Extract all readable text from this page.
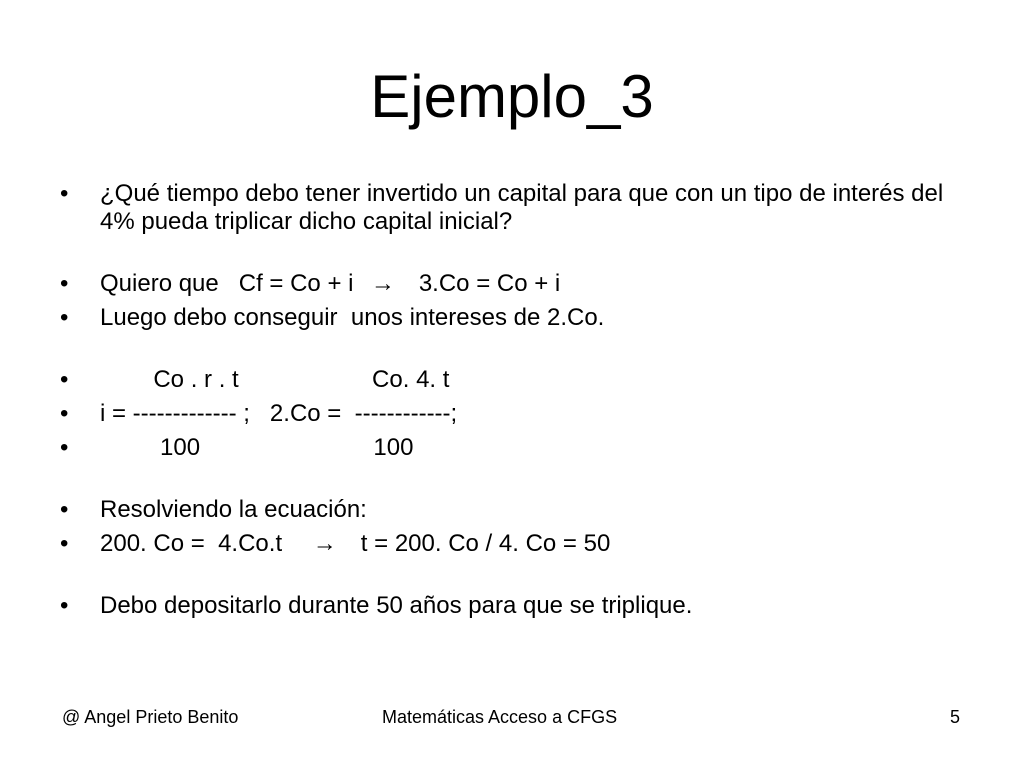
Ejemplo_3
• ¿Qué tiempo debo tener invertido un capital para que con un tipo de interés del 4% pueda triplicar dicho capital inicial?
• Quiero que   Cf = Co + i → 3.Co = Co + i
• Luego debo conseguir  unos intereses de 2.Co.
• Co . r . t                    Co. 4. t
• i = ------------- ;   2.Co =  ------------;
• 100                          100
• Resolviendo la ecuación:
• 200. Co =  4.Co.t → t = 200. Co / 4. Co = 50
• Debo depositarlo durante 50 años para que se triplique.
@ Angel Prieto Benito	Matemáticas Acceso a CFGS	5
